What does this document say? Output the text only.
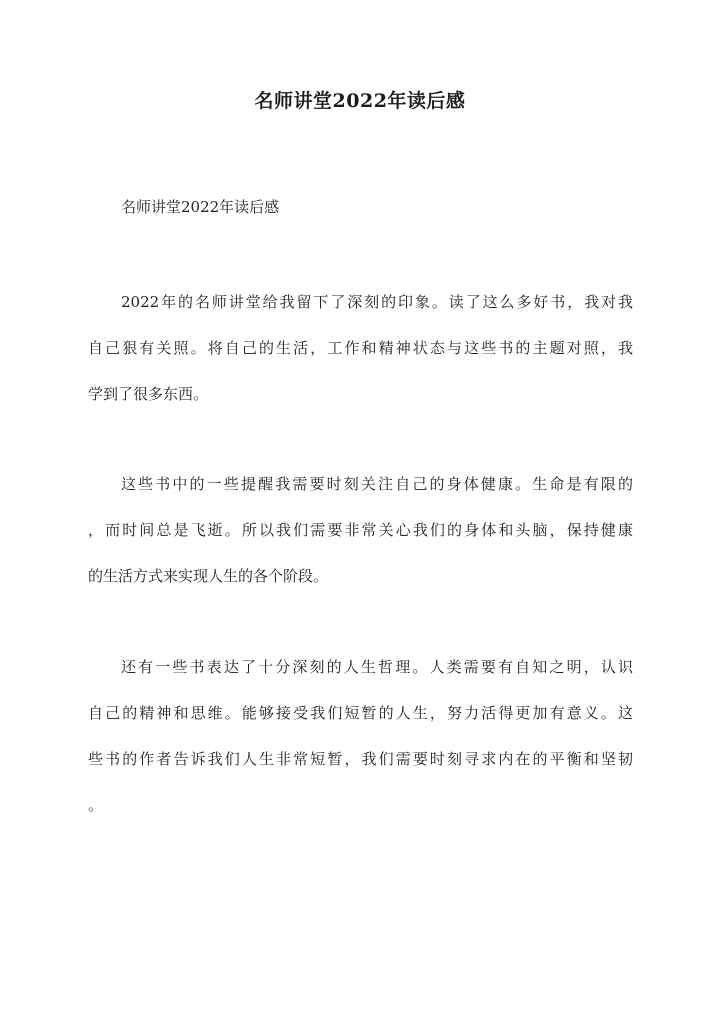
名师讲堂2022年读后感

名师讲堂2022年读后感

2022年的名师讲堂给我留下了深刻的印象。读了这么多好书，我对我
自己狠有关照。将自己的生活，工作和精神状态与这些书的主题对照，我
学到了很多东西。
这些书中的一些提醒我需要时刻关注自己的身体健康。生命是有限的
，而时间总是飞逝。所以我们需要非常关心我们的身体和头脑，保持健康
的生活方式来实现人生的各个阶段。
还有一些书表达了十分深刻的人生哲理。人类需要有自知之明，认识
自己的精神和思维。能够接受我们短暂的人生，努力活得更加有意义。这
些书的作者告诉我们人生非常短暂，我们需要时刻寻求内在的平衡和坚韧
。
